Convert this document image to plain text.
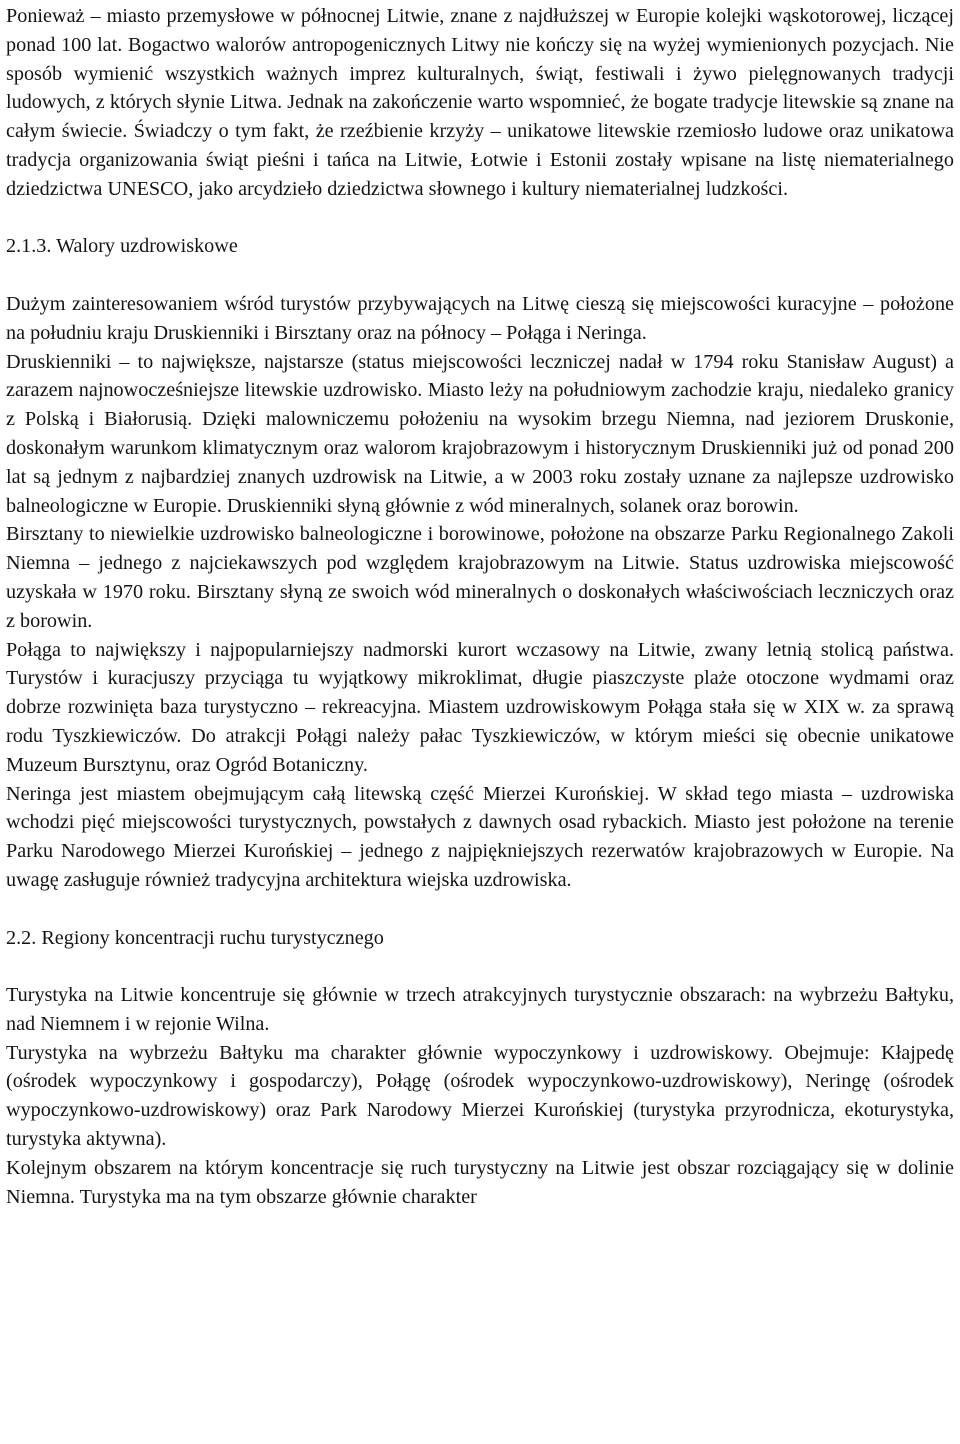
Ponieważ – miasto przemysłowe w północnej Litwie, znane z najdłuższej w Europie kolejki wąskotorowej, liczącej ponad 100 lat. Bogactwo walorów antropogenicznych Litwy nie kończy się na wyżej wymienionych pozycjach. Nie sposób wymienić wszystkich ważnych imprez kulturalnych, świąt, festiwali i żywo pielęgnowanych tradycji ludowych, z których słynie Litwa. Jednak na zakończenie warto wspomnieć, że bogate tradycje litewskie są znane na całym świecie. Świadczy o tym fakt, że rzeźbienie krzyży – unikatowe litewskie rzemiosło ludowe oraz unikatowa tradycja organizowania świąt pieśni i tańca na Litwie, Łotwie i Estonii zostały wpisane na listę niematerialnego dziedzictwa UNESCO, jako arcydzieło dziedzictwa słownego i kultury niematerialnej ludzkości.

2.1.3. Walory uzdrowiskowe

Dużym zainteresowaniem wśród turystów przybywających na Litwę cieszą się miejscowości kuracyjne – położone na południu kraju Druskienniki i Birsztany oraz na północy – Połąga i Neringa.

Druskienniki – to największe, najstarsze (status miejscowości leczniczej nadał w 1794 roku Stanisław August) a zarazem najnowocześniejsze litewskie uzdrowisko. Miasto leży na południowym zachodzie kraju, niedaleko granicy z Polską i Białorusią. Dzięki malowniczemu położeniu na wysokim brzegu Niemna, nad jeziorem Druskonie, doskonałym warunkom klimatycznym oraz walorom krajobrazowym i historycznym Druskienniki już od ponad 200 lat są jednym z najbardziej znanych uzdrowisk na Litwie, a w 2003 roku zostały uznane za najlepsze uzdrowisko balneologiczne w Europie. Druskienniki słyną głównie z wód mineralnych, solanek oraz borowin.

Birsztany to niewielkie uzdrowisko balneologiczne i borowinowe, położone na obszarze Parku Regionalnego Zakoli Niemna – jednego z najciekawszych pod względem krajobrazowym na Litwie. Status uzdrowiska miejscowość uzyskała w 1970 roku. Birsztany słyną ze swoich wód mineralnych o doskonałych właściwościach leczniczych oraz z borowin.

Połąga to największy i najpopularniejszy nadmorski kurort wczasowy na Litwie, zwany letnią stolicą państwa. Turystów i kuracjuszy przyciąga tu wyjątkowy mikroklimat, długie piaszczyste plaże otoczone wydmami oraz dobrze rozwinięta baza turystyczno – rekreacyjna. Miastem uzdrowiskowym Połąga stała się w XIX w. za sprawą rodu Tyszkiewiczów. Do atrakcji Połągi należy pałac Tyszkiewiczów, w którym mieści się obecnie unikatowe Muzeum Bursztynu, oraz Ogród Botaniczny.

Neringa jest miastem obejmującym całą litewską część Mierzei Kurońskiej. W skład tego miasta – uzdrowiska wchodzi pięć miejscowości turystycznych, powstałych z dawnych osad rybackich. Miasto jest położone na terenie Parku Narodowego Mierzei Kurońskiej – jednego z najpiękniejszych rezerwatów krajobrazowych w Europie. Na uwagę zasługuje również tradycyjna architektura wiejska uzdrowiska.

2.2. Regiony koncentracji ruchu turystycznego

Turystyka na Litwie koncentruje się głównie w trzech atrakcyjnych turystycznie obszarach: na wybrzeżu Bałtyku, nad Niemnem i w rejonie Wilna.

Turystyka na wybrzeżu Bałtyku ma charakter głównie wypoczynkowy i uzdrowiskowy. Obejmuje: Kłajpedę (ośrodek wypoczynkowy i gospodarczy), Połągę (ośrodek wypoczynkowo-uzdrowiskowy), Neringę (ośrodek wypoczynkowo-uzdrowiskowy) oraz Park Narodowy Mierzei Kurońskiej (turystyka przyrodnicza, ekoturystyka, turystyka aktywna).

Kolejnym obszarem na którym koncentracje się ruch turystyczny na Litwie jest obszar rozciągający się w dolinie Niemna. Turystyka ma na tym obszarze głównie charakter
